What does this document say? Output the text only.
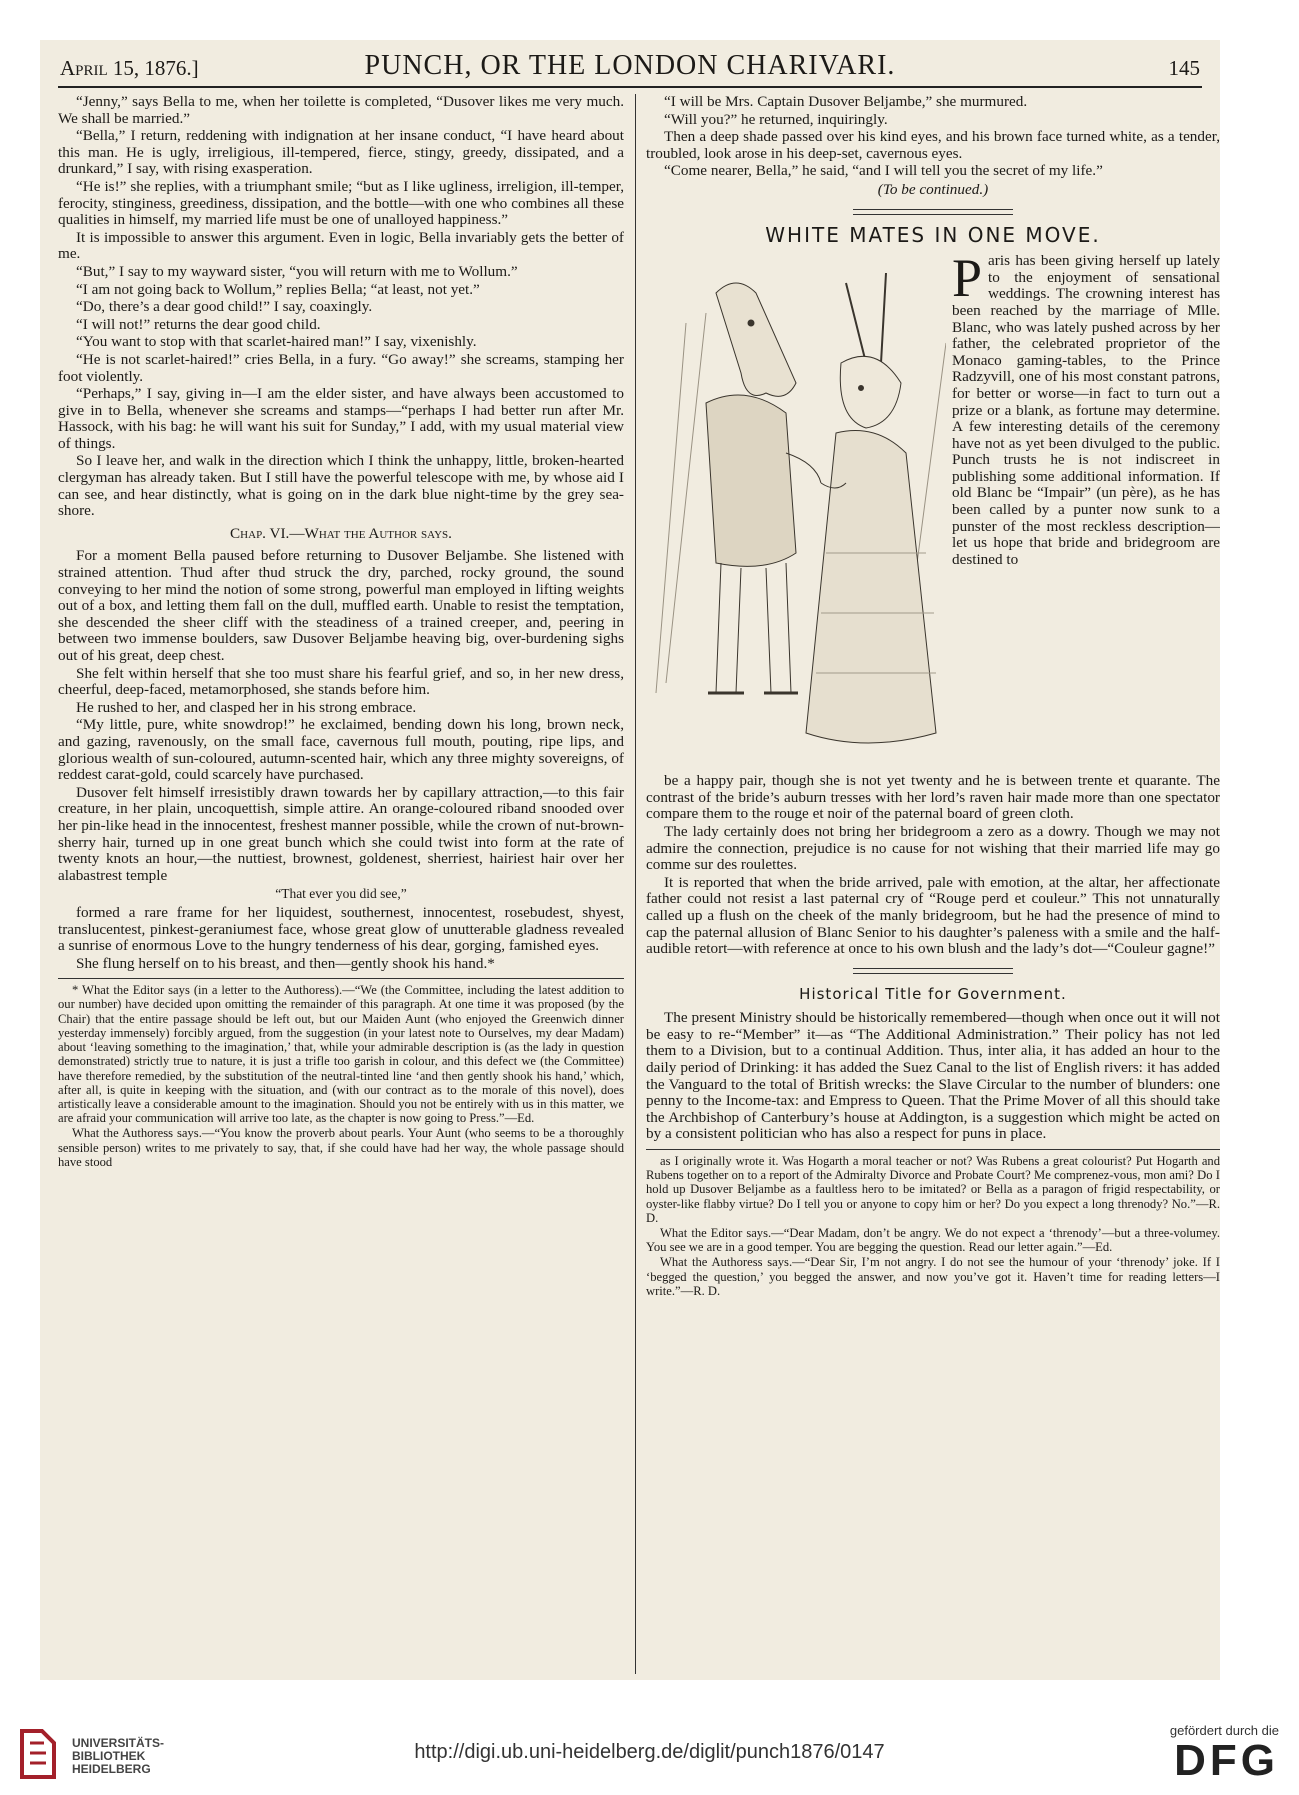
April 15, 1876.]	PUNCH, OR THE LONDON CHARIVARI.	145

“Jenny,” says Bella to me, when her toilette is completed, “Dusover likes me very much. We shall be married.”

“Bella,” I return, reddening with indignation at her insane conduct, “I have heard about this man. He is ugly, irreligious, ill-tempered, fierce, stingy, greedy, dissipated, and a drunkard,” I say, with rising exasperation.

“He is!” she replies, with a triumphant smile; “but as I like ugliness, irreligion, ill-temper, ferocity, stinginess, greediness, dissipation, and the bottle—with one who combines all these qualities in himself, my married life must be one of unalloyed happiness.”

It is impossible to answer this argument. Even in logic, Bella invariably gets the better of me.

“But,” I say to my wayward sister, “you will return with me to Wollum.”

“I am not going back to Wollum,” replies Bella; “at least, not yet.”

“Do, there’s a dear good child!” I say, coaxingly.

“I will not!” returns the dear good child.

“You want to stop with that scarlet-haired man!” I say, vixenishly.

“He is not scarlet-haired!” cries Bella, in a fury. “Go away!” she screams, stamping her foot violently.

“Perhaps,” I say, giving in—I am the elder sister, and have always been accustomed to give in to Bella, whenever she screams and stamps—“perhaps I had better run after Mr. Hassock, with his bag: he will want his suit for Sunday,” I add, with my usual material view of things.

So I leave her, and walk in the direction which I think the unhappy, little, broken-hearted clergyman has already taken. But I still have the powerful telescope with me, by whose aid I can see, and hear distinctly, what is going on in the dark blue night-time by the grey sea-shore.

Chap. VI.—What the Author says.

For a moment Bella paused before returning to Dusover Beljambe. She listened with strained attention. Thud after thud struck the dry, parched, rocky ground, the sound conveying to her mind the notion of some strong, powerful man employed in lifting weights out of a box, and letting them fall on the dull, muffled earth. Unable to resist the temptation, she descended the sheer cliff with the steadiness of a trained creeper, and, peering in between two immense boulders, saw Dusover Beljambe heaving big, over-burdening sighs out of his great, deep chest.

She felt within herself that she too must share his fearful grief, and so, in her new dress, cheerful, deep-faced, metamorphosed, she stands before him.

He rushed to her, and clasped her in his strong embrace.

“My little, pure, white snowdrop!” he exclaimed, bending down his long, brown neck, and gazing, ravenously, on the small face, cavernous full mouth, pouting, ripe lips, and glorious wealth of sun-coloured, autumn-scented hair, which any three mighty sovereigns, of reddest carat-gold, could scarcely have purchased.

Dusover felt himself irresistibly drawn towards her by capillary attraction,—to this fair creature, in her plain, uncoquettish, simple attire. An orange-coloured riband snooded over her pin-like head in the innocentest, freshest manner possible, while the crown of nut-brown-sherry hair, turned up in one great bunch which she could twist into form at the rate of twenty knots an hour,—the nuttiest, brownest, goldenest, sherriest, hairiest hair over her alabastrest temple

“That ever you did see,”

formed a rare frame for her liquidest, southernest, innocentest, rosebudest, shyest, translucentest, pinkest-geraniumest face, whose great glow of unutterable gladness revealed a sunrise of enormous Love to the hungry tenderness of his dear, gorging, famished eyes.

She flung herself on to his breast, and then—gently shook his hand.*

* What the Editor says (in a letter to the Authoress).—“We (the Committee, including the latest addition to our number) have decided upon omitting the remainder of this paragraph. At one time it was proposed (by the Chair) that the entire passage should be left out, but our Maiden Aunt (who enjoyed the Greenwich dinner yesterday immensely) forcibly argued, from the suggestion (in your latest note to Ourselves, my dear Madam) about ‘leaving something to the imagination,’ that, while your admirable description is (as the lady in question demonstrated) strictly true to nature, it is just a trifle too garish in colour, and this defect we (the Committee) have therefore remedied, by the substitution of the neutral-tinted line ‘and then gently shook his hand,’ which, after all, is quite in keeping with the situation, and (with our contract as to the morale of this novel), does artistically leave a considerable amount to the imagination. Should you not be entirely with us in this matter, we are afraid your communication will arrive too late, as the chapter is now going to Press.”—Ed.

What the Authoress says.—“You know the proverb about pearls. Your Aunt (who seems to be a thoroughly sensible person) writes to me privately to say, that, if she could have had her way, the whole passage should have stood

“I will be Mrs. Captain Dusover Beljambe,” she murmured.

“Will you?” he returned, inquiringly.

Then a deep shade passed over his kind eyes, and his brown face turned white, as a tender, troubled, look arose in his deep-set, cavernous eyes.

“Come nearer, Bella,” he said, “and I will tell you the secret of my life.”

(To be continued.)

WHITE MATES IN ONE MOVE.

Paris has been giving herself up lately to the enjoyment of sensational weddings. The crowning interest has been reached by the marriage of Mlle. Blanc, who was lately pushed across by her father, the celebrated proprietor of the Monaco gaming-tables, to the Prince Radzyvill, one of his most constant patrons, for better or worse—in fact to turn out a prize or a blank, as fortune may determine. A few interesting details of the ceremony have not as yet been divulged to the public. Punch trusts he is not indiscreet in publishing some additional information. If old Blanc be “Impair” (un père), as he has been called by a punter now sunk to a punster of the most reckless description—let us hope that bride and bridegroom are destined to

be a happy pair, though she is not yet twenty and he is between trente et quarante. The contrast of the bride’s auburn tresses with her lord’s raven hair made more than one spectator compare them to the rouge et noir of the paternal board of green cloth.

The lady certainly does not bring her bridegroom a zero as a dowry. Though we may not admire the connection, prejudice is no cause for not wishing that their married life may go comme sur des roulettes.

It is reported that when the bride arrived, pale with emotion, at the altar, her affectionate father could not resist a last paternal cry of “Rouge perd et couleur.” This not unnaturally called up a flush on the cheek of the manly bridegroom, but he had the presence of mind to cap the paternal allusion of Blanc Senior to his daughter’s paleness with a smile and the half-audible retort—with reference at once to his own blush and the lady’s dot—“Couleur gagne!”

Historical Title for Government.

The present Ministry should be historically remembered—though when once out it will not be easy to re-“Member” it—as “The Additional Administration.” Their policy has not led them to a Division, but to a continual Addition. Thus, inter alia, it has added an hour to the daily period of Drinking: it has added the Suez Canal to the list of English rivers: it has added the Vanguard to the total of British wrecks: the Slave Circular to the number of blunders: one penny to the Income-tax: and Empress to Queen. That the Prime Mover of all this should take the Archbishop of Canterbury’s house at Addington, is a suggestion which might be acted on by a consistent politician who has also a respect for puns in place.

as I originally wrote it. Was Hogarth a moral teacher or not? Was Rubens a great colourist? Put Hogarth and Rubens together on to a report of the Admiralty Divorce and Probate Court? Me comprenez-vous, mon ami? Do I hold up Dusover Beljambe as a faultless hero to be imitated? or Bella as a paragon of frigid respectability, or oyster-like flabby virtue? Do I tell you or anyone to copy him or her? Do you expect a long threnody? No.”—R. D.

What the Editor says.—“Dear Madam, don’t be angry. We do not expect a ‘threnody’—but a three-volumey. You see we are in a good temper. You are begging the question. Read our letter again.”—Ed.

What the Authoress says.—“Dear Sir, I’m not angry. I do not see the humour of your ‘threnody’ joke. If I ‘begged the question,’ you begged the answer, and now you’ve got it. Haven’t time for reading letters—I write.”—R. D.

UNIVERSITÄTS-
BIBLIOTHEK
HEIDELBERG
http://digi.ub.uni-heidelberg.de/diglit/punch1876/0147
gefördert durch die
DFG
